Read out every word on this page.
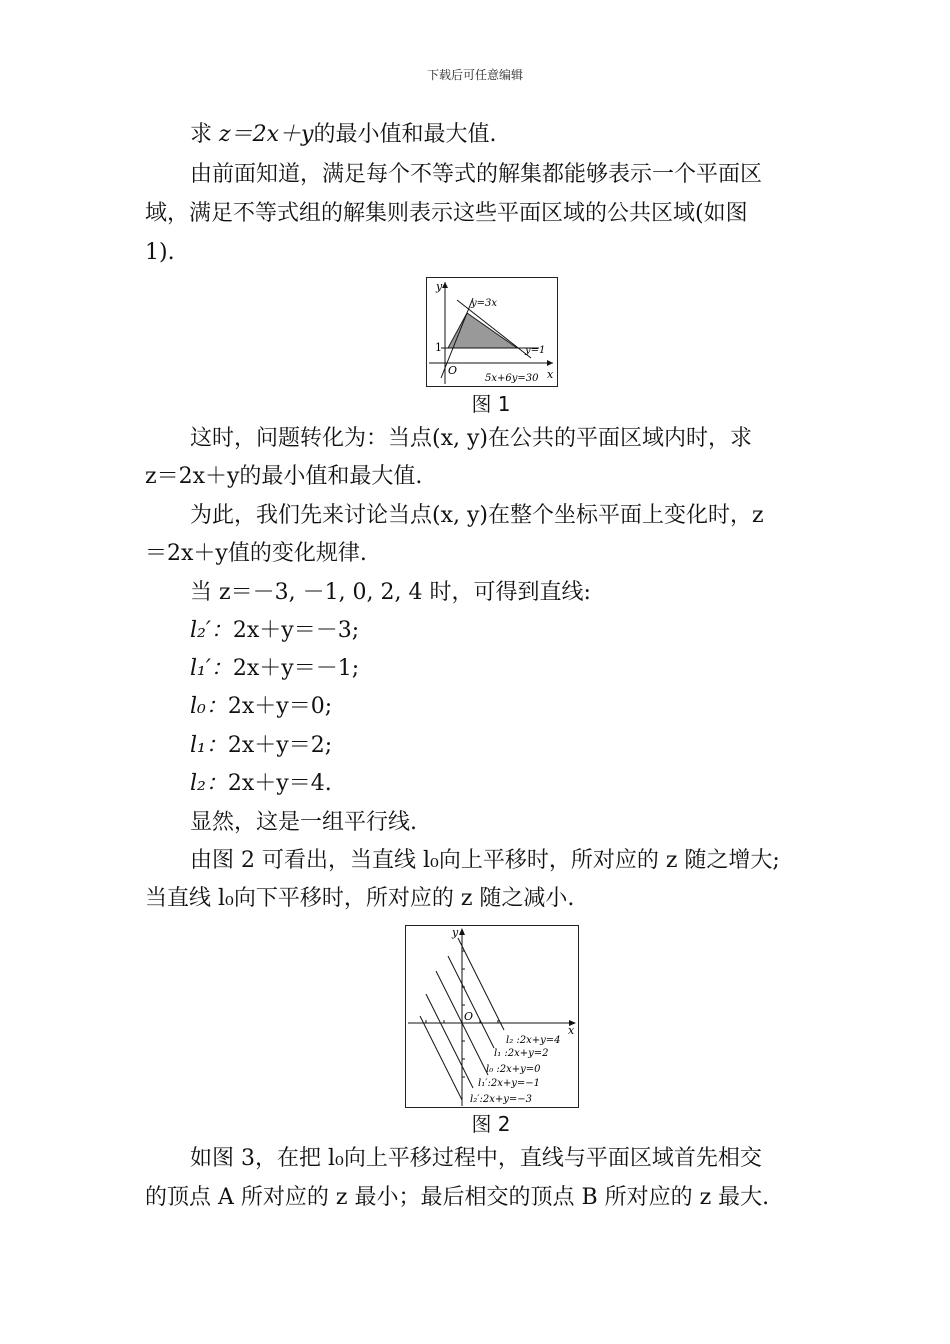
下载后可任意编辑
求 z＝2x＋y的最小值和最大值.
由前面知道，满足每个不等式的解集都能够表示一个平面区
域，满足不等式组的解集则表示这些平面区域的公共区域(如图
1).
y
x
O
1
y=3x
y=1
5x+6y=30
图 1
这时，问题转化为：当点(x, y)在公共的平面区域内时，求
z＝2x＋y的最小值和最大值.
为此，我们先来讨论当点(x, y)在整个坐标平面上变化时，z
＝2x＋y值的变化规律.
当 z＝－3, －1, 0, 2, 4 时，可得到直线:
l₂′：2x＋y＝－3;
l₁′：2x＋y＝－1;
l₀：2x＋y＝0;
l₁：2x＋y＝2;
l₂：2x＋y＝4.
显然，这是一组平行线.
由图 2 可看出，当直线 l₀向上平移时，所对应的 z 随之增大;
当直线 l₀向下平移时，所对应的 z 随之减小.
y
x
O
l₂ :2x+y=4
l₁ :2x+y=2
l₀ :2x+y=0
l₁′:2x+y=−1
l₂′:2x+y=−3
图 2
如图 3，在把 l₀向上平移过程中，直线与平面区域首先相交
的顶点 A 所对应的 z 最小；最后相交的顶点 B 所对应的 z 最大.
